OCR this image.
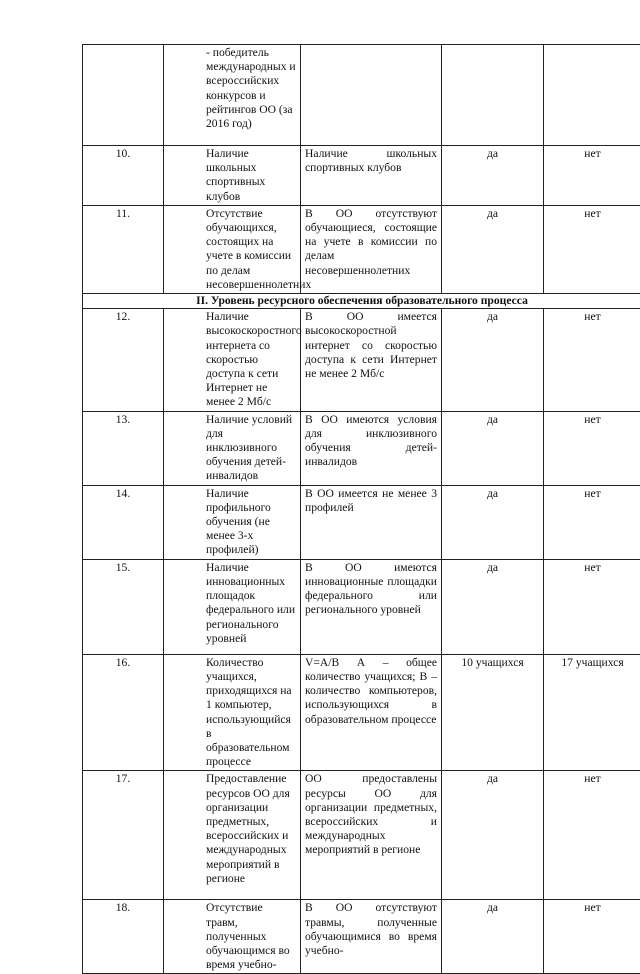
	- победитель международных и всероссийских конкурсов и рейтингов ОО (за 2016 год)			
10.	Наличие школьных спортивных клубов	Наличие школьных спортивных клубов	да	нет
11.	Отсутствие обучающихся, состоящих на учете в комиссии по делам несовершеннолетних	В ОО отсутствуют обучающиеся, состоящие на учете в комиссии по делам несовершеннолетних	да	нет
II. Уровень ресурсного обеспечения образовательного процесса				
12.	Наличие высокоскоростного интернета со скоростью доступа к сети Интернет не менее 2 Мб/с	В ОО имеется высокоскоростной интернет со скоростью доступа к сети Интернет не менее 2 Мб/с	да	нет
13.	Наличие условий для инклюзивного обучения детей-инвалидов	В ОО имеются условия для инклюзивного обучения детей-инвалидов	да	нет
14.	Наличие профильного обучения (не менее 3-х профилей)	В ОО имеется не менее 3 профилей	да	нет
15.	Наличие инновационных площадок федерального или регионального уровней	В ОО имеются инновационные площадки федерального или регионального уровней	да	нет
16.	Количество учащихся, приходящихся на 1 компьютер, использующийся в образовательном процессе	V=A/B А – общее количество учащихся; В – количество компьютеров, использующихся в образовательном процессе	10 учащихся	17 учащихся
17.	Предоставление ресурсов ОО для организации предметных, всероссийских и международных мероприятий в регионе	ОО предоставлены ресурсы ОО для организации предметных, всероссийских и международных мероприятий в регионе	да	нет
18.	Отсутствие травм, полученных обучающимся во время учебно-	В ОО отсутствуют травмы, полученные обучающимися во время учебно-	да	нет
